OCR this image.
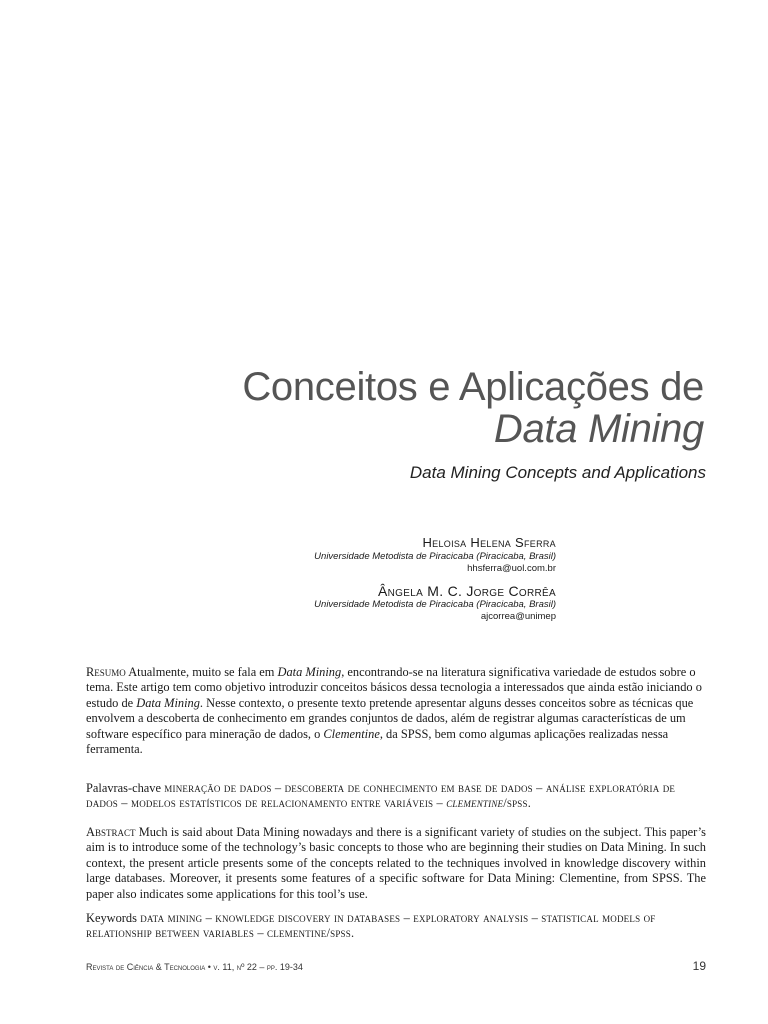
Conceitos e Aplicações de
Data Mining
Data Mining Concepts and Applications
Heloisa Helena Sferra
Universidade Metodista de Piracicaba (Piracicaba, Brasil)
hhsferra@uol.com.br
Ângela M. C. Jorge Corrêa
Universidade Metodista de Piracicaba (Piracicaba, Brasil)
ajcorrea@unimep
Resumo Atualmente, muito se fala em Data Mining, encontrando-se na literatura significativa variedade de estudos sobre o tema. Este artigo tem como objetivo introduzir conceitos básicos dessa tecnologia a interessados que ainda estão iniciando o estudo de Data Mining. Nesse contexto, o presente texto pretende apresentar alguns desses conceitos sobre as técnicas que envolvem a descoberta de conhecimento em grandes conjuntos de dados, além de registrar algumas características de um software específico para mineração de dados, o Clementine, da SPSS, bem como algumas aplicações realizadas nessa ferramenta.
Palavras-chave mineração de dados – descoberta de conhecimento em base de dados – análise exploratória de dados – modelos estatísticos de relacionamento entre variáveis – clementine/spss.
Abstract Much is said about Data Mining nowadays and there is a significant variety of studies on the subject. This paper’s aim is to introduce some of the technology’s basic concepts to those who are beginning their studies on Data Mining. In such context, the present article presents some of the concepts related to the techniques involved in knowledge discovery within large databases. Moreover, it presents some features of a specific software for Data Mining: Clementine, from SPSS. The paper also indicates some applications for this tool’s use.
Keywords data mining – knowledge discovery in databases – exploratory analysis – statistical models of relationship between variables – clementine/spss.
Revista de Ciência & Tecnologia • v. 11, nº 22 – pp. 19-34	19
